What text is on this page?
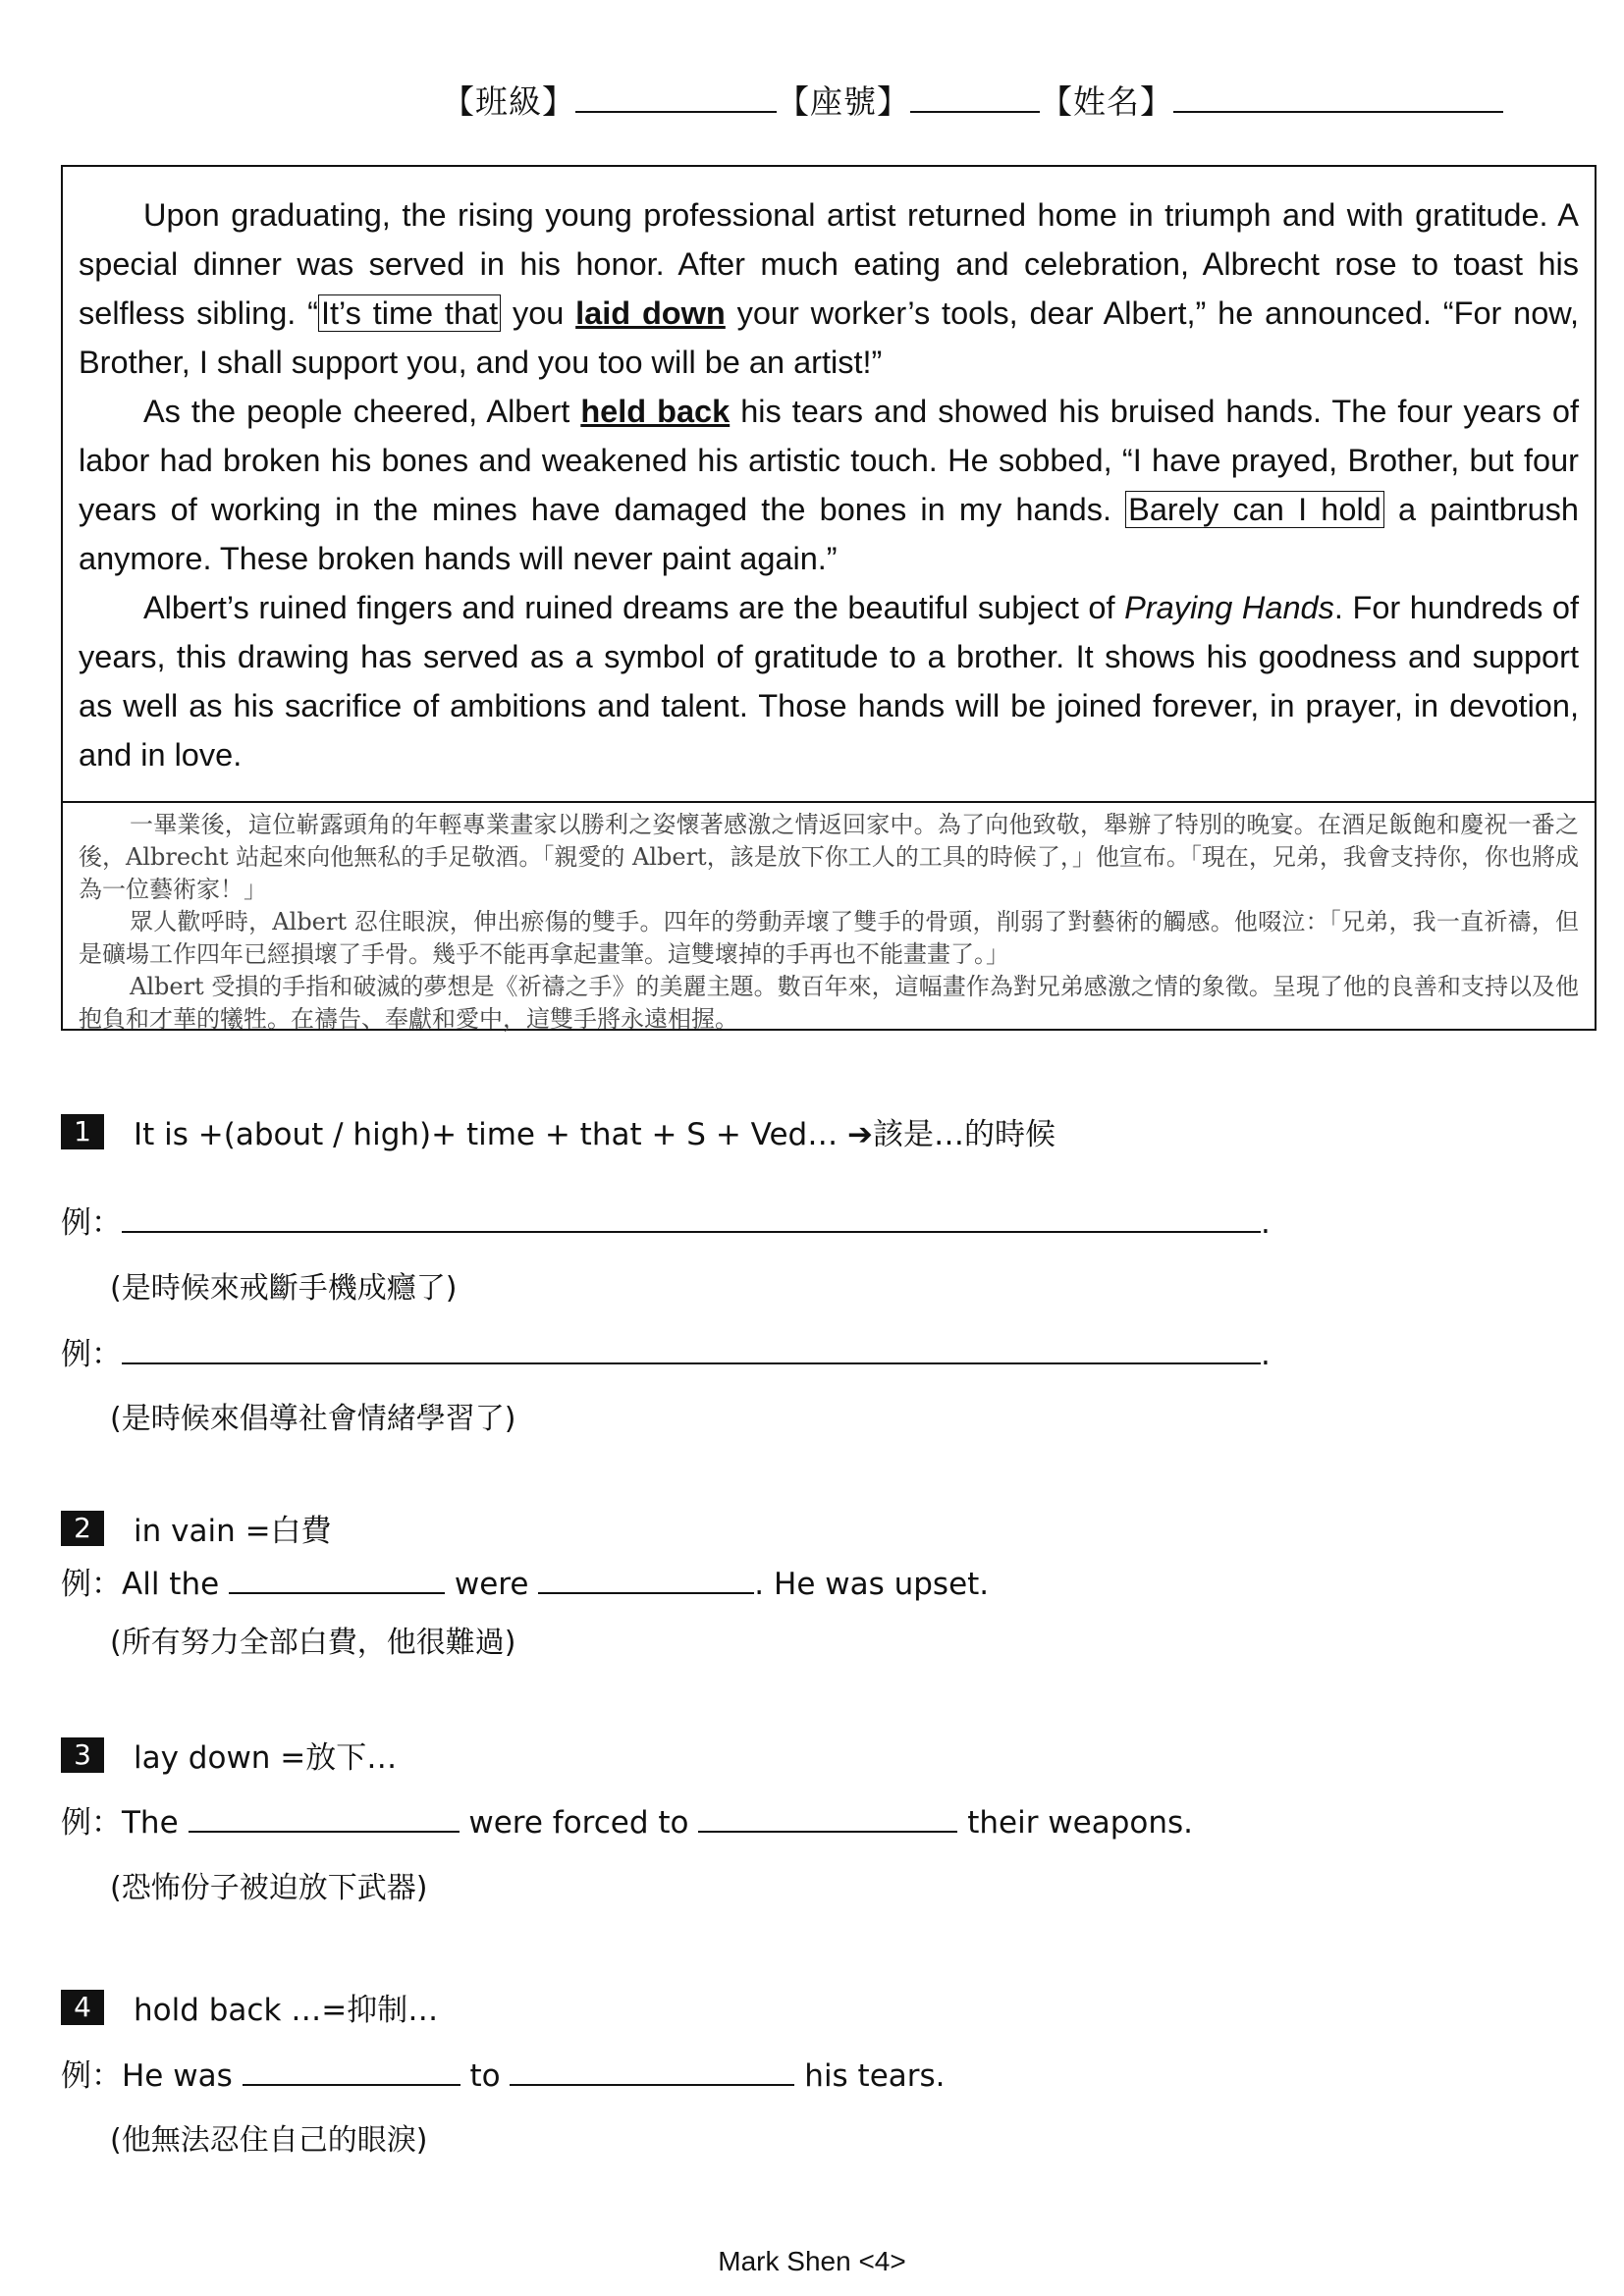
【班級】	【座號】	【姓名】

Upon graduating, the rising young professional artist returned home in triumph and with gratitude. A special dinner was served in his honor. After much eating and celebration, Albrecht rose to toast his selfless sibling. “It’s time that you laid down your worker’s tools, dear Albert,” he announced. “For now, Brother, I shall support you, and you too will be an artist!”

As the people cheered, Albert held back his tears and showed his bruised hands. The four years of labor had broken his bones and weakened his artistic touch. He sobbed, “I have prayed, Brother, but four years of working in the mines have damaged the bones in my hands. Barely can I hold a paintbrush anymore. These broken hands will never paint again.”

Albert’s ruined fingers and ruined dreams are the beautiful subject of Praying Hands. For hundreds of years, this drawing has served as a symbol of gratitude to a brother. It shows his goodness and support as well as his sacrifice of ambitions and talent. Those hands will be joined forever, in prayer, in devotion, and in love.

一畢業後，這位嶄露頭角的年輕專業畫家以勝利之姿懷著感激之情返回家中。為了向他致敬，舉辦了特別的晚宴。在酒足飯飽和慶祝一番之後，Albrecht 站起來向他無私的手足敬酒。「親愛的 Albert，該是放下你工人的工具的時候了，」他宣布。「現在，兄弟，我會支持你，你也將成為一位藝術家！」

眾人歡呼時，Albert 忍住眼淚，伸出瘀傷的雙手。四年的勞動弄壞了雙手的骨頭，削弱了對藝術的觸感。他啜泣：「兄弟，我一直祈禱，但是礦場工作四年已經損壞了手骨。幾乎不能再拿起畫筆。這雙壞掉的手再也不能畫畫了。」

Albert 受損的手指和破滅的夢想是《祈禱之手》的美麗主題。數百年來，這幅畫作為對兄弟感激之情的象徵。呈現了他的良善和支持以及他抱負和才華的犧牲。在禱告、奉獻和愛中，這雙手將永遠相握。

1 It is +(about / high)+ time + that + S + Ved… ➔該是…的時候
例：	.
(是時候來戒斷手機成癮了)
例：	.
(是時候來倡導社會情緒學習了)
2 in vain =白費
例：All the	were	. He was upset.
(所有努力全部白費，他很難過)
3 lay down =放下…
例：The	were forced to	their weapons.
(恐怖份子被迫放下武器)
4 hold back …=抑制…
例：He was	to	his tears.
(他無法忍住自己的眼淚)
Mark Shen <4>
